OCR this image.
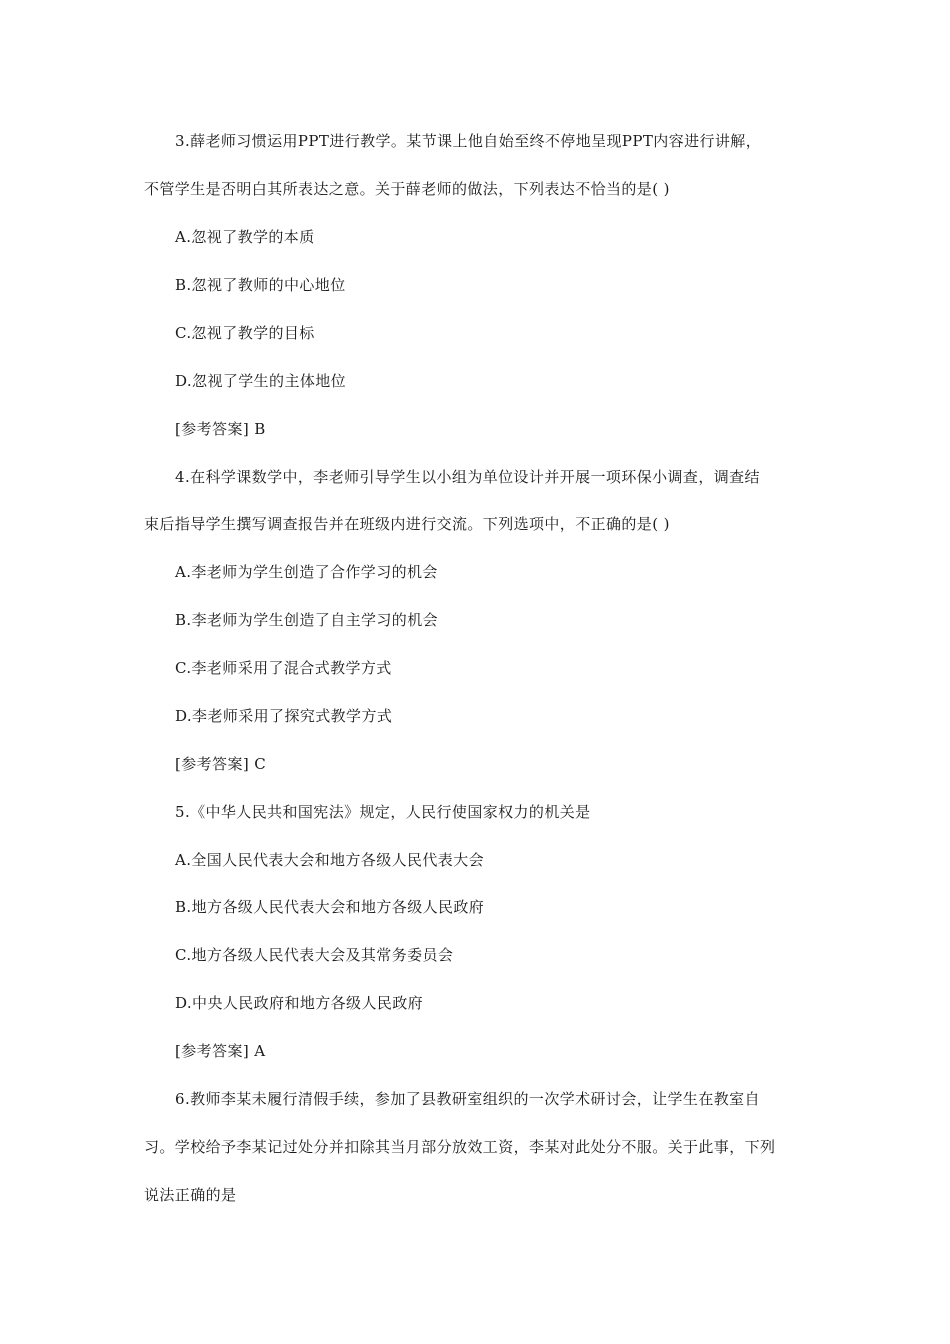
3.薛老师习惯运用PPT进行教学。某节课上他自始至终不停地呈现PPT内容进行讲解，
不管学生是否明白其所表达之意。关于薛老师的做法，下列表达不恰当的是( )
A.忽视了教学的本质
B.忽视了教师的中心地位
C.忽视了教学的目标
D.忽视了学生的主体地位
[参考答案] B
4.在科学课数学中，李老师引导学生以小组为单位设计并开展一项环保小调查，调查结
束后指导学生撰写调查报告并在班级内进行交流。下列选项中，不正确的是( )
A.李老师为学生创造了合作学习的机会
B.李老师为学生创造了自主学习的机会
C.李老师采用了混合式教学方式
D.李老师采用了探究式教学方式
[参考答案] C
5.《中华人民共和国宪法》规定，人民行使国家权力的机关是
A.全国人民代表大会和地方各级人民代表大会
B.地方各级人民代表大会和地方各级人民政府
C.地方各级人民代表大会及其常务委员会
D.中央人民政府和地方各级人民政府
[参考答案] A
6.教师李某未履行清假手续，参加了县教研室组织的一次学术研讨会，让学生在教室自
习。学校给予李某记过处分并扣除其当月部分放效工资，李某对此处分不服。关于此事，下列
说法正确的是
